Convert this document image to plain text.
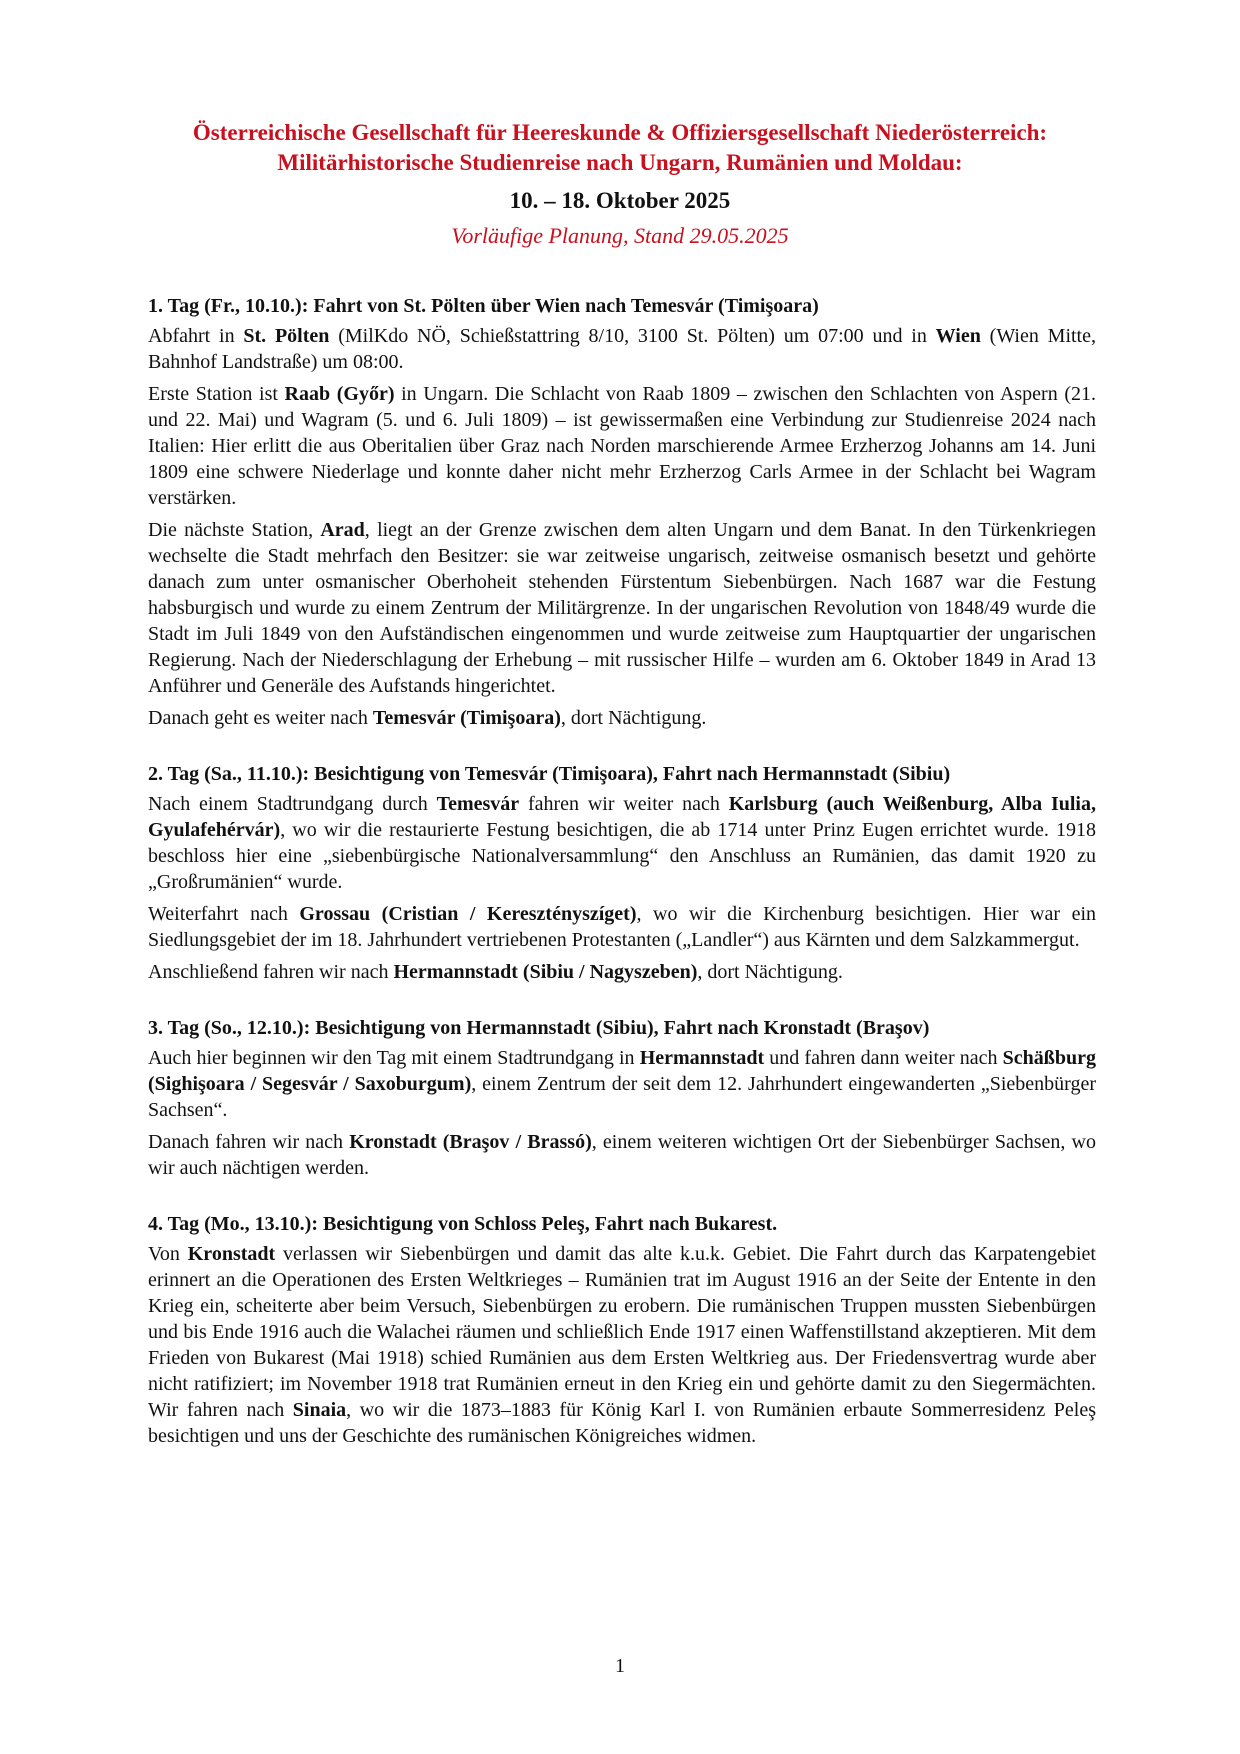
Österreichische Gesellschaft für Heereskunde & Offiziersgesellschaft Niederösterreich:

Militärhistorische Studienreise nach Ungarn, Rumänien und Moldau:

10. – 18. Oktober 2025

Vorläufige Planung, Stand 29.05.2025

1. Tag (Fr., 10.10.): Fahrt von St. Pölten über Wien nach Temesvár (Timişoara)

Abfahrt in St. Pölten (MilKdo NÖ, Schießstattring 8/10, 3100 St. Pölten) um 07:00 und in Wien (Wien Mitte, Bahnhof Landstraße) um 08:00.

Erste Station ist Raab (Győr) in Ungarn. Die Schlacht von Raab 1809 – zwischen den Schlachten von Aspern (21. und 22. Mai) und Wagram (5. und 6. Juli 1809) – ist gewissermaßen eine Verbindung zur Studienreise 2024 nach Italien: Hier erlitt die aus Oberitalien über Graz nach Norden marschierende Armee Erzherzog Johanns am 14. Juni 1809 eine schwere Niederlage und konnte daher nicht mehr Erzherzog Carls Armee in der Schlacht bei Wagram verstärken.

Die nächste Station, Arad, liegt an der Grenze zwischen dem alten Ungarn und dem Banat. In den Türkenkriegen wechselte die Stadt mehrfach den Besitzer: sie war zeitweise ungarisch, zeitweise osmanisch besetzt und gehörte danach zum unter osmanischer Oberhoheit stehenden Fürstentum Siebenbürgen. Nach 1687 war die Festung habsburgisch und wurde zu einem Zentrum der Militärgrenze. In der ungarischen Revolution von 1848/49 wurde die Stadt im Juli 1849 von den Aufständischen eingenommen und wurde zeitweise zum Hauptquartier der ungarischen Regierung. Nach der Niederschlagung der Erhebung – mit russischer Hilfe – wurden am 6. Oktober 1849 in Arad 13 Anführer und Generäle des Aufstands hingerichtet.

Danach geht es weiter nach Temesvár (Timişoara), dort Nächtigung.

2. Tag (Sa., 11.10.): Besichtigung von Temesvár (Timişoara), Fahrt nach Hermannstadt (Sibiu)

Nach einem Stadtrundgang durch Temesvár fahren wir weiter nach Karlsburg (auch Weißenburg, Alba Iulia, Gyulafehérvár), wo wir die restaurierte Festung besichtigen, die ab 1714 unter Prinz Eugen errichtet wurde. 1918 beschloss hier eine „siebenbürgische Nationalversammlung“ den Anschluss an Rumänien, das damit 1920 zu „Großrumänien“ wurde.

Weiterfahrt nach Grossau (Cristian / Keresztényszíget), wo wir die Kirchenburg besichtigen. Hier war ein Siedlungsgebiet der im 18. Jahrhundert vertriebenen Protestanten („Landler“) aus Kärnten und dem Salzkammergut.

Anschließend fahren wir nach Hermannstadt (Sibiu / Nagyszeben), dort Nächtigung.

3. Tag (So., 12.10.): Besichtigung von Hermannstadt (Sibiu), Fahrt nach Kronstadt (Braşov)

Auch hier beginnen wir den Tag mit einem Stadtrundgang in Hermannstadt und fahren dann weiter nach Schäßburg (Sighişoara / Segesvár / Saxoburgum), einem Zentrum der seit dem 12. Jahrhundert eingewanderten „Siebenbürger Sachsen“.

Danach fahren wir nach Kronstadt (Braşov / Brassó), einem weiteren wichtigen Ort der Siebenbürger Sachsen, wo wir auch nächtigen werden.

4. Tag (Mo., 13.10.): Besichtigung von Schloss Peleş, Fahrt nach Bukarest.

Von Kronstadt verlassen wir Siebenbürgen und damit das alte k.u.k. Gebiet. Die Fahrt durch das Karpatengebiet erinnert an die Operationen des Ersten Weltkrieges – Rumänien trat im August 1916 an der Seite der Entente in den Krieg ein, scheiterte aber beim Versuch, Siebenbürgen zu erobern. Die rumänischen Truppen mussten Siebenbürgen und bis Ende 1916 auch die Walachei räumen und schließlich Ende 1917 einen Waffenstillstand akzeptieren. Mit dem Frieden von Bukarest (Mai 1918) schied Rumänien aus dem Ersten Weltkrieg aus. Der Friedensvertrag wurde aber nicht ratifiziert; im November 1918 trat Rumänien erneut in den Krieg ein und gehörte damit zu den Siegermächten. Wir fahren nach Sinaia, wo wir die 1873–1883 für König Karl I. von Rumänien erbaute Sommerresidenz Peleş besichtigen und uns der Geschichte des rumänischen Königreiches widmen.

1
